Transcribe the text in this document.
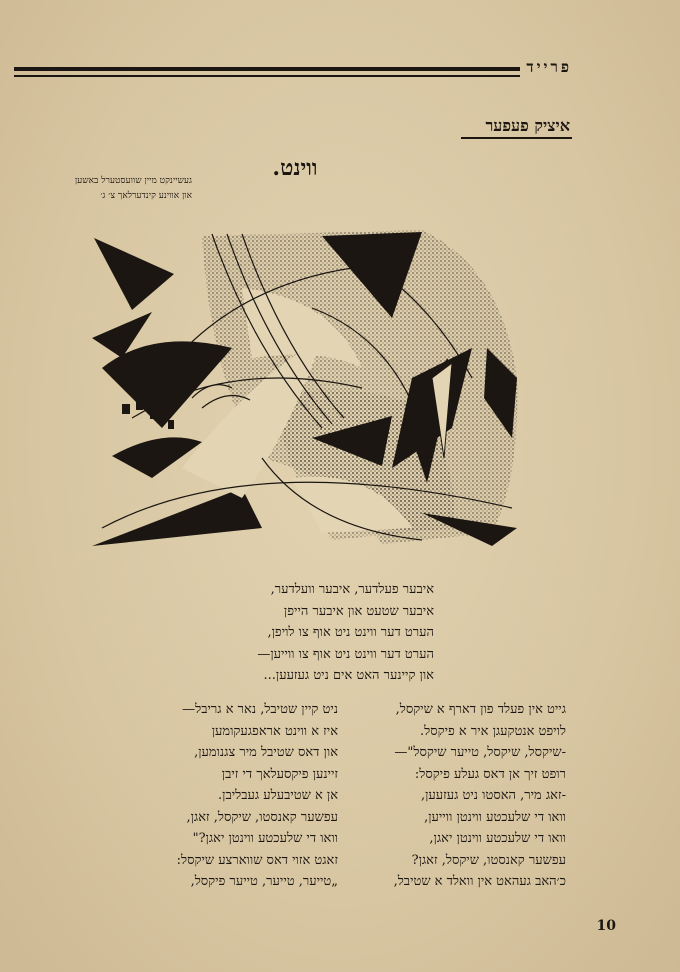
פרייד
איציק פעפער
ווינט.
געשיינקט מיין שוועסטערל באשען
און אווינע קינדערלאך צ׳ ג׳
איבער פעלדער, איבער וועלדער,
איבער שטעט און איבער הייפן
הערט דער ווינט ניט אוף צו לויפן,
הערט דער ווינט ניט אוף צו ווייען—
און קיינער האט אים ניט געזעען...
גייט אין פעלד פון דארף א שיקסל,
לויפט אנטקעגן איר א פיקסל.
-שיקסל, שיקסל, טייער שיקסל"—
רופט זיך אן דאס געלע פיקסל:
-זאג מיר, האסטו ניט געזעען,
וואו די שלעכטע ווינטן ווייען,
וואו די שלעכטע ווינטן יאגן,
עפשער קאנסטו, שיקסל, זאגן?
כ׳האב געהאט אין וואלד א שטיבל,
ניט קיין שטיבל, נאר א גריבל—
איז א ווינט אראפגעקומען
און דאס שטיבל מיר צגנומען,
זיינען פיקסעלאך די זיבן
אן א שטיבעלע געבליבן.
עפשער קאנסטו, שיקסל, זאגן,
וואו די שלעכטע ווינטן יאגן?"
זאגט אזוי דאס שווארצע שיקסל:
„טייער, טייער, טייער פיקסל,
10
